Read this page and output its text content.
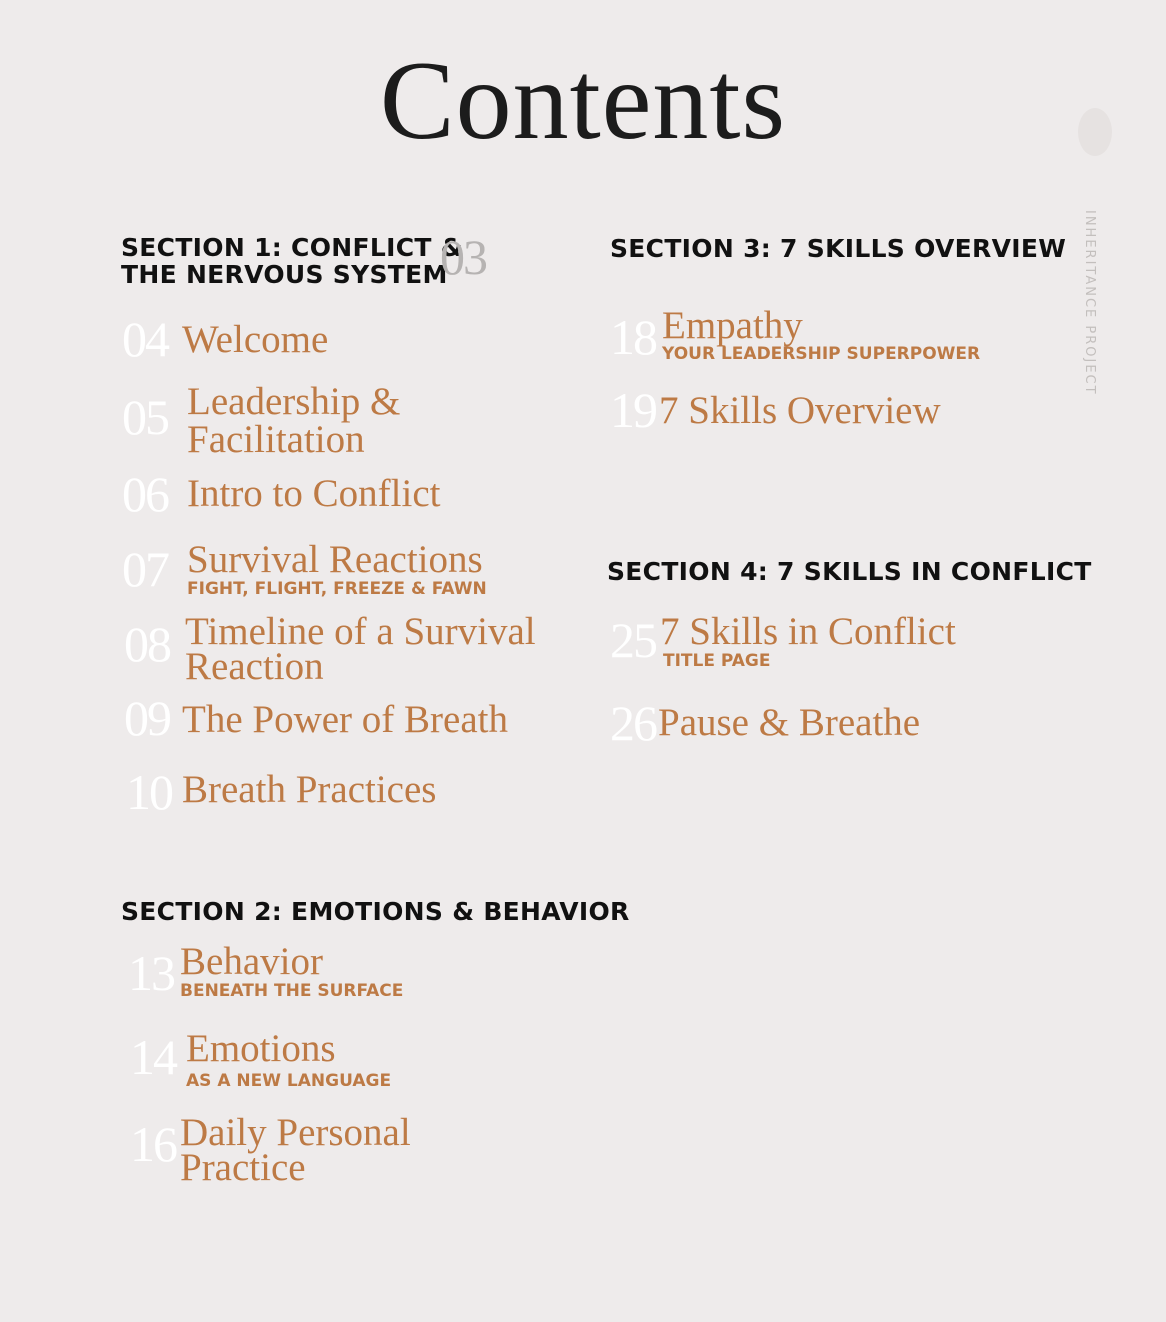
Contents
INHERITANCE PROJECT
SECTION 1: CONFLICT &
THE NERVOUS SYSTEM
03
04 Welcome
05 Leadership &
Facilitation
06 Intro to Conflict
07 Survival Reactions
FIGHT, FLIGHT, FREEZE & FAWN
08 Timeline of a Survival
Reaction
09 The Power of Breath
10 Breath Practices
SECTION 2: EMOTIONS & BEHAVIOR
13 Behavior
BENEATH THE SURFACE
14 Emotions
AS A NEW LANGUAGE
16 Daily Personal
Practice
SECTION 3: 7 SKILLS OVERVIEW
18 Empathy
YOUR LEADERSHIP SUPERPOWER
19 7 Skills Overview
SECTION 4: 7 SKILLS IN CONFLICT
25 7 Skills in Conflict
TITLE PAGE
26 Pause & Breathe
